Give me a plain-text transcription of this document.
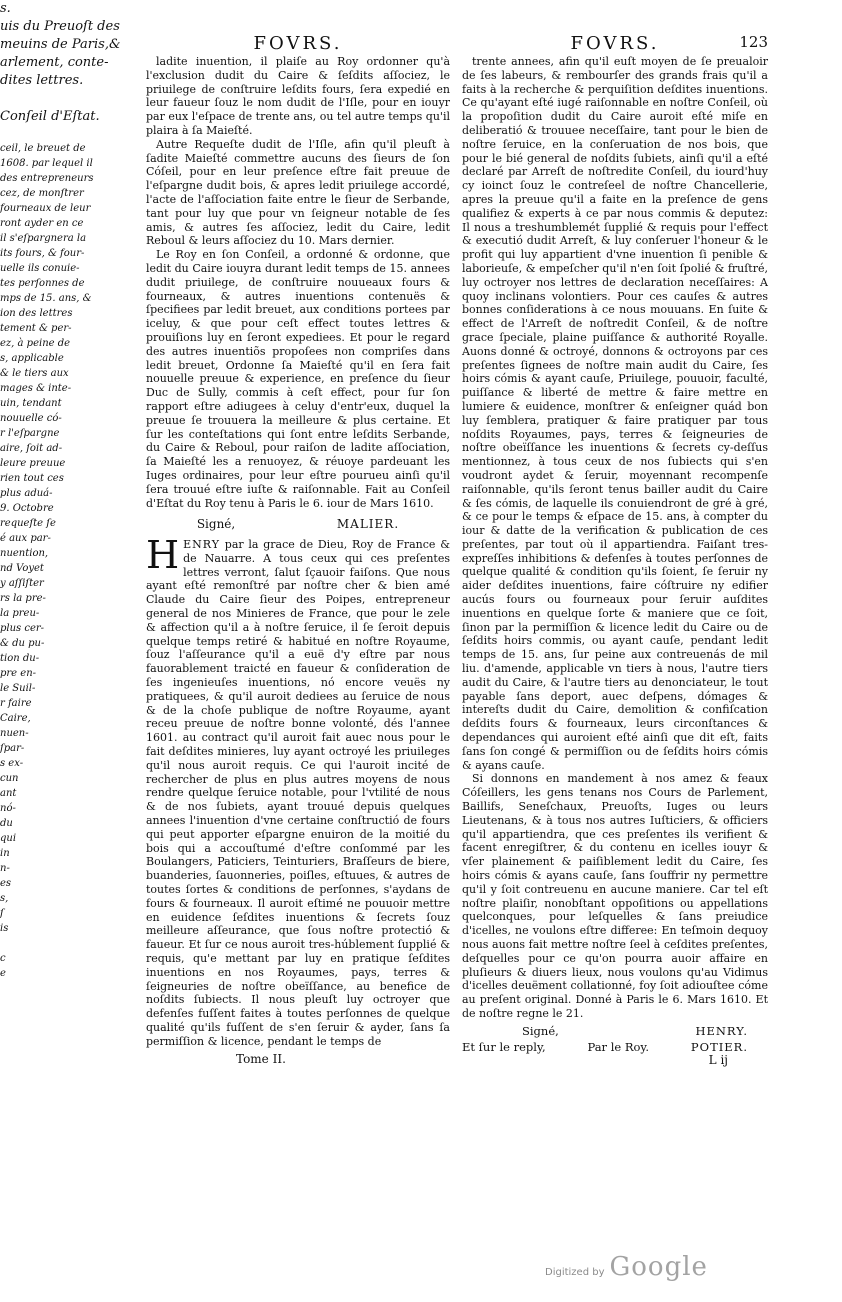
s.
uis du Preuoſt des
meuins de Paris,&
arlement, conte-
dites lettres.

Conſeil d'Eſtat.

ceil, le breuet de
1608. par lequel il
des entrepreneurs
cez, de monſtrer
fourneaux de leur
ront ayder en ce
il s'eſpargnera la
its fours, & four-
uelle ils conuie-
tes perſonnes de
mps de 15. ans, &
ion des lettres
tement & per-
ez, à peine de
s, applicable
& le tiers aux
mages & inte-
uin, tendant
nouuelle có-
r l'eſpargne
aire, ſoit ad-
leure preuue
rien tout ces
plus aduá-
9. Octobre
requeſte ſe
é aux par-
nuention,
nd Voyet
y aſſiſter
rs la pre-
la preu-
plus cer-
& du pu-
tion du-
pre en-
le Suil-
r faire
Caire,
nuen-
ſpar-
s ex-
cun
ant
nó-
du
qui
in
n-
es
s,
ſ
is

c
e
FOVRS.

ladite inuention, il plaiſe au Roy ordonner qu'à l'exclusion dudit du Caire & ſeſdits aſſociez, le priuilege de conſtruire leſdits fours, ſera expedié en leur faueur ſouz le nom dudit de l'Iſle, pour en iouyr par eux l'eſpace de trente ans, ou tel autre temps qu'il plaira à ſa Maieſté.

Autre Requeſte dudit de l'Iſle, afin qu'il pleuſt à ſadite Maieſté commettre aucuns des ſieurs de ſon Cóſeil, pour en leur preſence eſtre fait preuue de l'eſpargne dudit bois, & apres ledit priuilege accordé, l'acte de l'aſſociation faite entre le ſieur de Serbande, tant pour luy que pour vn ſeigneur notable de ſes amis, & autres ſes aſſociez, ledit du Caire, ledit Reboul & leurs aſſociez du 10. Mars dernier.

Le Roy en ſon Conſeil, a ordonné & ordonne, que ledit du Caire iouyra durant ledit temps de 15. annees dudit priuilege, de conſtruire nouueaux fours & fourneaux, & autres inuentions contenuës & ſpecifiees par ledit breuet, aux conditions portees par iceluy, & que pour ceſt effect toutes lettres & prouiſions luy en ſeront expediees. Et pour le regard des autres inuentiõs propoſees non compriſes dans ledit breuet, Ordonne ſa Maieſté qu'il en ſera fait nouuelle preuue & experience, en preſence du ſieur Duc de Sully, commis à ceſt effect, pour ſur ſon rapport eſtre adiugees à celuy d'entr'eux, duquel la preuue ſe trouuera la meilleure & plus certaine. Et ſur les conteſtations qui ſont entre leſdits Serbande, du Caire & Reboul, pour raiſon de ladite aſſociation, ſa Maieſté les a renuoyez, & réuoye pardeuant les Iuges ordinaires, pour leur eſtre pourueu ainſi qu'il ſera trouué eſtre iuſte & raiſonnable. Fait au Conſeil d'Eſtat du Roy tenu à Paris le 6. iour de Mars 1610.

Signé,	MALIER.
H ENRY par la grace de Dieu, Roy de France & de Nauarre. A tous ceux qui ces preſentes lettres verront, ſalut ſçauoir faiſons. Que nous ayant eſté remonſtré par noſtre cher & bien amé Claude du Caire ſieur des Poipes, entrepreneur general de nos Minieres de France, que pour le zele & affection qu'il a à noſtre ſeruice, il ſe ſeroit depuis quelque temps retiré & habitué en noſtre Royaume, ſouz l'aſſeurance qu'il a euë d'y eſtre par nous fauorablement traicté en faueur & conſideration de ſes ingenieuſes inuentions, nó encore veuës ny pratiquees, & qu'il auroit dediees au ſeruice de nous & de la choſe publique de noſtre Royaume, ayant receu preuue de noſtre bonne volonté, dés l'annee 1601. au contract qu'il auroit fait auec nous pour le fait deſdites minieres, luy ayant octroyé les priuileges qu'il nous auroit requis. Ce qui l'auroit incité de rechercher de plus en plus autres moyens de nous rendre quelque ſeruice notable, pour l'vtilité de nous & de nos ſubiets, ayant trouué depuis quelques annees l'inuention d'vne certaine conſtructió de fours qui peut apporter eſpargne enuiron de la moitié du bois qui a accouſtumé d'eſtre conſommé par les Boulangers, Paticiers, Teinturiers, Braſſeurs de biere, buanderies, ſauonneries, poiſles, eſtuues, & autres de toutes ſortes & conditions de perſonnes, s'aydans de fours & fourneaux. Il auroit eſtimé ne pouuoir mettre en euidence ſeſdites inuentions & ſecrets ſouz meilleure aſſeurance, que ſous noſtre protectió & faueur. Et ſur ce nous auroit tres-húblement ſupplié & requis, qu'e mettant par luy en pratique ſeſdites inuentions en nos Royaumes, pays, terres & ſeigneuries de noſtre obeïſſance, au benefice de noſdits ſubiects. Il nous pleuſt luy octroyer que defenſes fuſſent faites à toutes perſonnes de quelque qualité qu'ils fuſſent de s'en ſeruir & ayder, ſans ſa permiſſion & licence, pendant le temps de
Tome II.
FOVRS.	123

trente annees, afin qu'il euſt moyen de ſe preualoir de ſes labeurs, & rembourſer des grands frais qu'il a faits à la recherche & perquiſition deſdites inuentions. Ce qu'ayant eſté iugé raiſonnable en noſtre Conſeil, où la propoſition dudit du Caire auroit eſté miſe en deliberatió & trouuee neceſſaire, tant pour le bien de noſtre ſeruice, en la conſeruation de nos bois, que pour le bié general de noſdits ſubiets, ainſi qu'il a eſté declaré par Arreſt de noſtredite Conſeil, du iourd'huy cy ioinct ſouz le contreſeel de noſtre Chancellerie, apres la preuue qu'il a faite en la preſence de gens qualifiez & experts à ce par nous commis & deputez: Il nous a treshumblemét ſupplié & requis pour l'effect & executió dudit Arreſt, & luy conſeruer l'honeur & le profit qui luy appartient d'vne inuention ſi penible & laborieuſe, & empeſcher qu'il n'en ſoit ſpolié & fruſtré, luy octroyer nos lettres de declaration neceſſaires: A quoy inclinans volontiers. Pour ces cauſes & autres bonnes conſiderations à ce nous mouuans. En ſuite & effect de l'Arreſt de noſtredit Conſeil, & de noſtre grace ſpeciale, plaine puiſſance & authorité Royalle. Auons donné & octroyé, donnons & octroyons par ces preſentes ſignees de noſtre main audit du Caire, ſes hoirs cómis & ayant cauſe, Priuilege, pouuoir, faculté, puiſſance & liberté de mettre & faire mettre en lumiere & euidence, monſtrer & enſeigner quád bon luy ſemblera, pratiquer & faire pratiquer par tous noſdits Royaumes, pays, terres & ſeigneuries de noſtre obeïſſance les inuentions & ſecrets cy-deſſus mentionnez, à tous ceux de nos ſubiects qui s'en voudront aydet & ſeruir, moyennant recompenſe raiſonnable, qu'ils ſeront tenus bailler audit du Caire & ſes cómis, de laquelle ils conuiendront de gré à gré, & ce pour le temps & eſpace de 15. ans, à compter du iour & datte de la verification & publication de ces preſentes, par tout où il appartiendra. Faiſant tres-expreſſes inhibitions & defenſes à toutes perſonnes de quelque qualité & condition qu'ils ſoient, ſe ſeruir ny aider deſdites inuentions, faire cóſtruire ny edifier aucús fours ou fourneaux pour ſeruir auſdites inuentions en quelque ſorte & maniere que ce ſoit, ſinon par la permiſſion & licence ledit du Caire ou de ſeſdits hoirs commis, ou ayant cauſe, pendant ledit temps de 15. ans, ſur peine aux contreuenás de mil liu. d'amende, applicable vn tiers à nous, l'autre tiers audit du Caire, & l'autre tiers au denonciateur, le tout payable ſans deport, auec deſpens, dómages & intereſts dudit du Caire, demolition & confiſcation deſdits fours & fourneaux, leurs circonſtances & dependances qui auroient eſté ainſi que dit eſt, faits ſans ſon congé & permiſſion ou de ſeſdits hoirs cómis & ayans cauſe.

Si donnons en mandement à nos amez & feaux Cóſeillers, les gens tenans nos Cours de Parlement, Baillifs, Seneſchaux, Preuoſts, Iuges ou leurs Lieutenans, & à tous nos autres Iuſticiers, & officiers qu'il appartiendra, que ces preſentes ils verifient & facent enregiſtrer, & du contenu en icelles iouyr & vſer plainement & paiſiblement ledit du Caire, ſes hoirs cómis & ayans cauſe, ſans ſouffrir ny permettre qu'il y ſoit contreuenu en aucune maniere. Car tel eſt noſtre plaiſir, nonobſtant oppoſitions ou appellations quelconques, pour leſquelles & ſans preiudice d'icelles, ne voulons eſtre differee: En teſmoin dequoy nous auons fait mettre noſtre ſeel à ceſdites preſentes, deſquelles pour ce qu'on pourra auoir affaire en pluſieurs & diuers lieux, nous voulons qu'au Vidimus d'icelles deuëment collationné, foy ſoit adiouſtee cóme au preſent original. Donné à Paris le 6. Mars 1610. Et de noſtre regne le 21.

Signé,	HENRY.
Et ſur le reply,	Par le Roy.	POTIER.
L ij
Digitized by Google
